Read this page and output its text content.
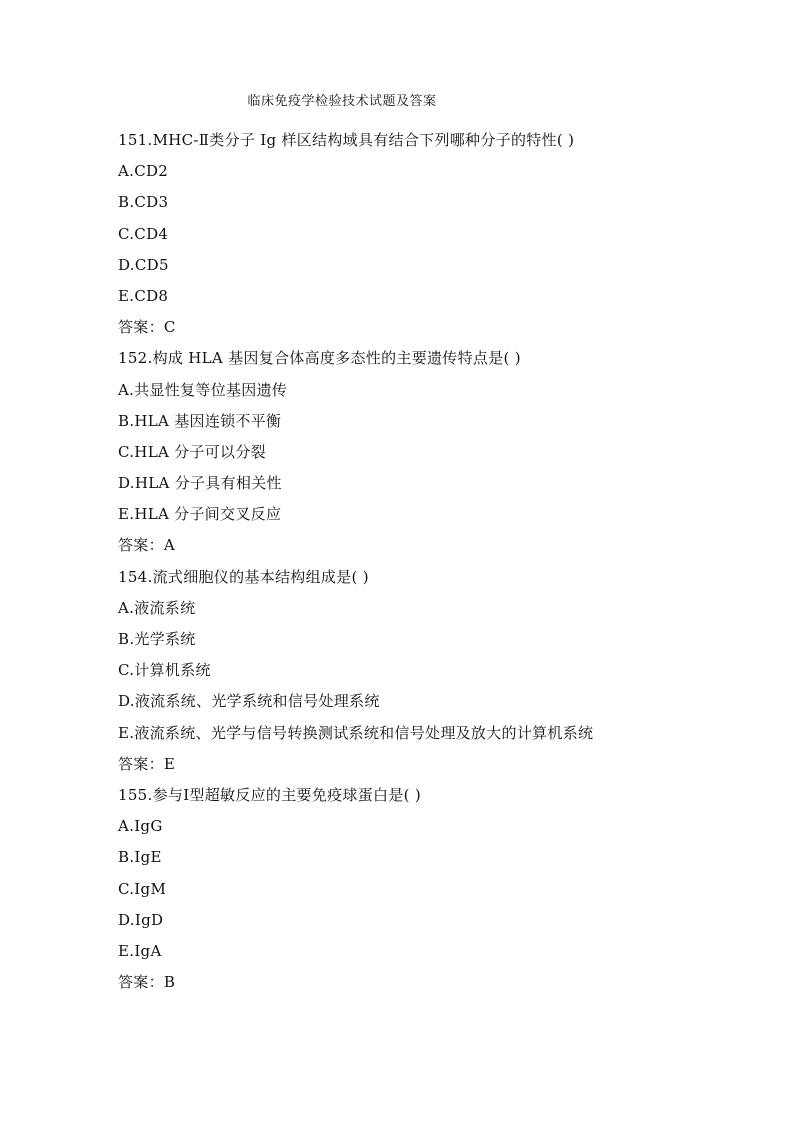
临床免疫学检验技术试题及答案
151.MHC-Ⅱ类分子 Ig 样区结构域具有结合下列哪种分子的特性( )
A.CD2
B.CD3
C.CD4
D.CD5
E.CD8
答案：C
152.构成 HLA 基因复合体高度多态性的主要遗传特点是( )
A.共显性复等位基因遗传
B.HLA 基因连锁不平衡
C.HLA 分子可以分裂
D.HLA 分子具有相关性
E.HLA 分子间交叉反应
答案：A
154.流式细胞仪的基本结构组成是( )
A.液流系统
B.光学系统
C.计算机系统
D.液流系统、光学系统和信号处理系统
E.液流系统、光学与信号转换测试系统和信号处理及放大的计算机系统
答案：E
155.参与Ⅰ型超敏反应的主要免疫球蛋白是( )
A.IgG
B.IgE
C.IgM
D.IgD
E.IgA
答案：B
